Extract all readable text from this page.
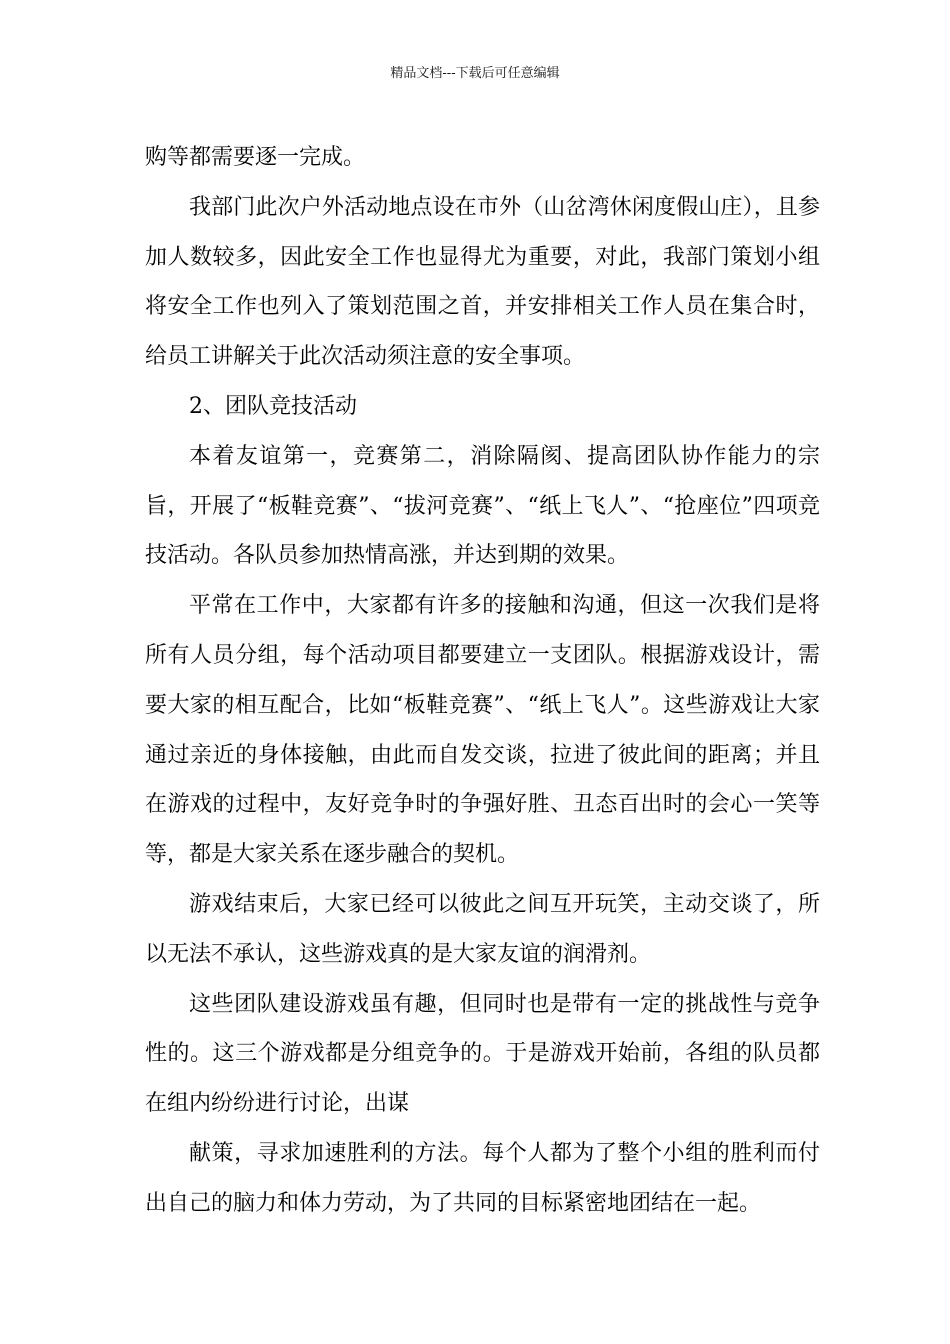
精品文档---下载后可任意编辑

购等都需要逐一完成。

我部门此次户外活动地点设在市外（山岔湾休闲度假山庄），且参加人数较多，因此安全工作也显得尤为重要，对此，我部门策划小组将安全工作也列入了策划范围之首，并安排相关工作人员在集合时，给员工讲解关于此次活动须注意的安全事项。

2、团队竞技活动

本着友谊第一，竞赛第二，消除隔阂、提高团队协作能力的宗旨，开展了“板鞋竞赛”、“拔河竞赛”、“纸上飞人”、“抢座位”四项竞技活动。各队员参加热情高涨，并达到期的效果。

平常在工作中，大家都有许多的接触和沟通，但这一次我们是将所有人员分组，每个活动项目都要建立一支团队。根据游戏设计，需要大家的相互配合，比如“板鞋竞赛”、“纸上飞人”。这些游戏让大家通过亲近的身体接触，由此而自发交谈，拉进了彼此间的距离；并且在游戏的过程中，友好竞争时的争强好胜、丑态百出时的会心一笑等等，都是大家关系在逐步融合的契机。

游戏结束后，大家已经可以彼此之间互开玩笑，主动交谈了，所以无法不承认，这些游戏真的是大家友谊的润滑剂。

这些团队建设游戏虽有趣，但同时也是带有一定的挑战性与竞争性的。这三个游戏都是分组竞争的。于是游戏开始前，各组的队员都在组内纷纷进行讨论，出谋

献策，寻求加速胜利的方法。每个人都为了整个小组的胜利而付出自己的脑力和体力劳动，为了共同的目标紧密地团结在一起。
